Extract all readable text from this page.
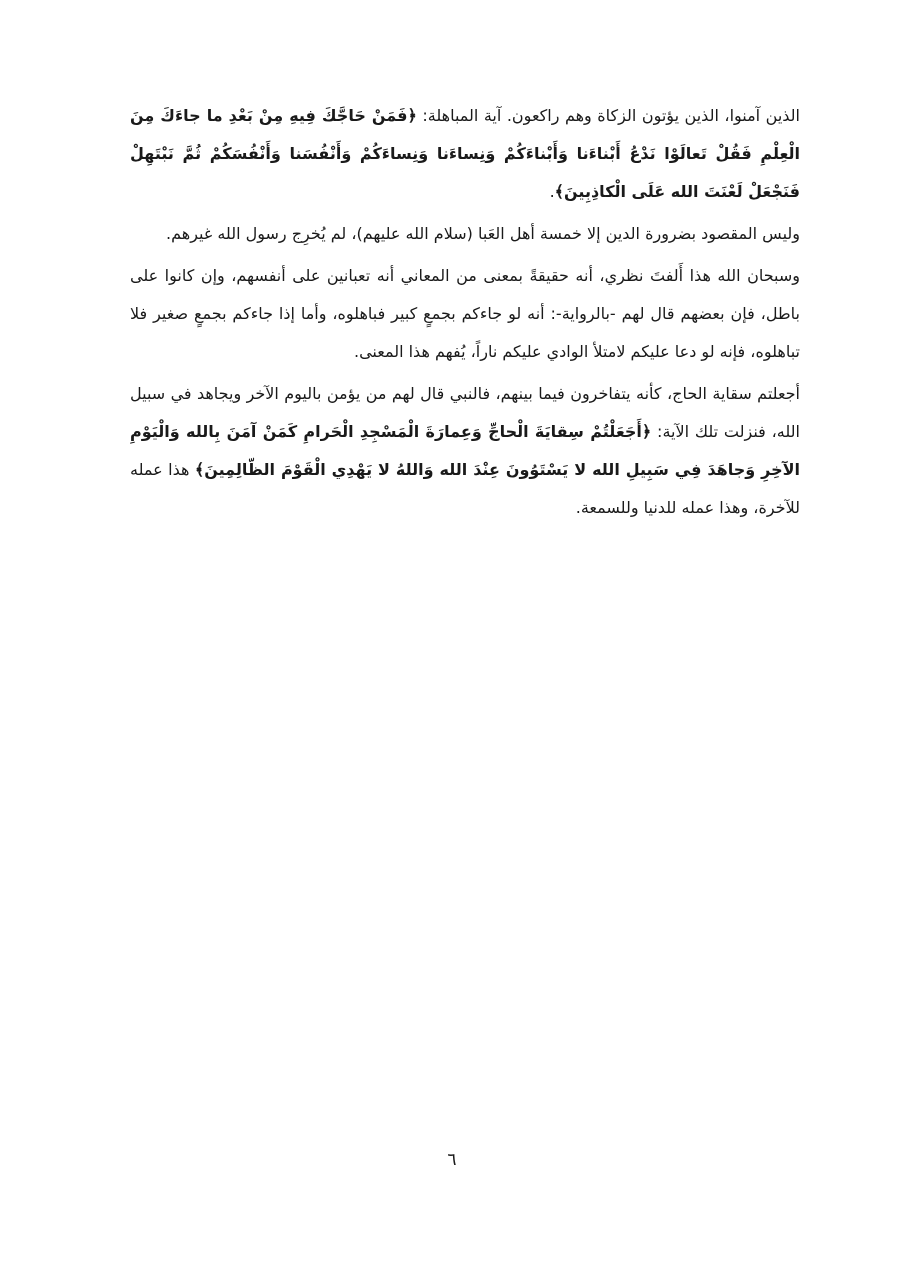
الذين آمنوا، الذين يؤتون الزكاة وهم راكعون. آية المباهلة: ﴿فَمَنْ حَاجَّكَ فِيهِ مِنْ بَعْدِ ما جاءَكَ مِنَ الْعِلْمِ فَقُلْ تَعالَوْا نَدْعُ أَبْناءَنا وَأَبْناءَكُمْ وَنِساءَنا وَنِساءَكُمْ وَأَنْفُسَنا وَأَنْفُسَكُمْ ثُمَّ نَبْتَهِلْ فَنَجْعَلْ لَعْنَتَ الله عَلَى الْكاذِبِينَ﴾.

وليس المقصود بضرورة الدين إلا خمسة أهل العَبا (سلام الله عليهم)، لم يُخرِج رسول الله غيرهم.

وسبحان الله هذا أَلفتَ نظري، أنه حقيقةً بمعنى من المعاني أنه تعبانين على أنفسهم، وإن كانوا على باطل، فإن بعضهم قال لهم -بالرواية-: أنه لو جاءكم بجمعٍ كبير فباهلوه، وأما إذا جاءكم بجمعٍ صغير فلا تباهلوه، فإنه لو دعا عليكم لامتلأ الوادي عليكم ناراً، يُفهم هذا المعنى.

أجعلتم سقاية الحاج، كأنه يتفاخرون فيما بينهم، فالنبي قال لهم من يؤمن باليوم الآخر ويجاهد في سبيل الله، فنزلت تلك الآية: ﴿أَجَعَلْتُمْ سِقايَةَ الْحاجِّ وَعِمارَةَ الْمَسْجِدِ الْحَرامِ كَمَنْ آمَنَ بِالله وَالْيَوْمِ الآخِرِ وَجاهَدَ فِي سَبِيلِ الله لا يَسْتَوُونَ عِنْدَ الله وَاللهُ لا يَهْدِي الْقَوْمَ الظّالِمِينَ﴾ هذا عمله للآخرة، وهذا عمله للدنيا وللسمعة.

٦
